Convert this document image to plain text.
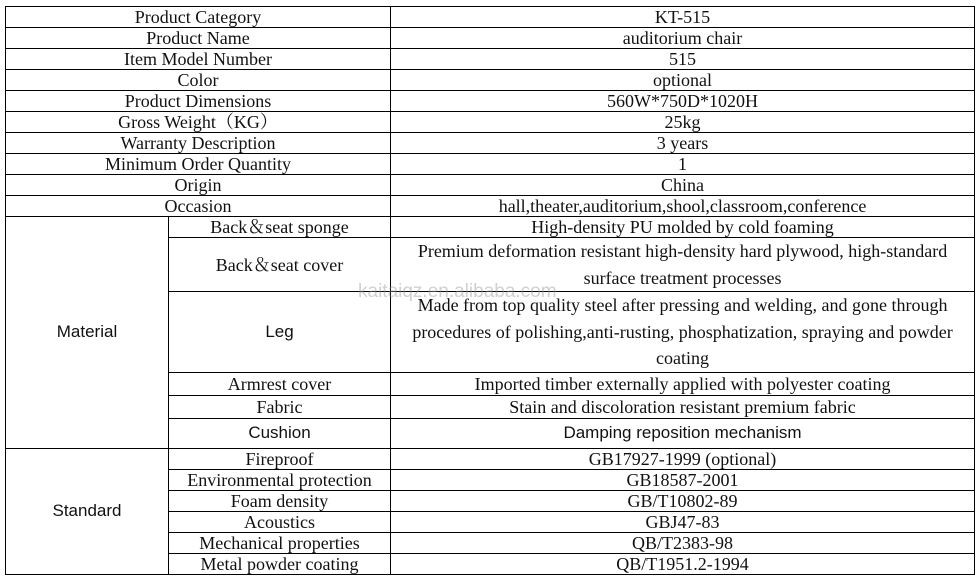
Product Category		KT-515
Product Name		auditorium chair
Item Model Number		515
Color		optional
Product Dimensions		560W*750D*1020H
Gross Weight（KG）		25kg
Warranty Description		3 years
Minimum Order Quantity		1
Origin		China
Occasion		hall,theater,auditorium,shool,classroom,conference
Material	Back＆seat sponge	High-density PU molded by cold foaming
	Back＆seat cover	Premium deformation resistant high-density hard plywood, high-standard surface treatment processes
	Leg	Made from top quality steel after pressing and welding, and gone through procedures of polishing,anti-rusting, phosphatization, spraying and powder coating
	Armrest cover	Imported timber externally applied with polyester coating
	Fabric	Stain and discoloration resistant premium fabric
	Cushion	Damping reposition mechanism
Standard	Fireproof	GB17927-1999 (optional)
	Environmental protection	GB18587-2001
	Foam density	GB/T10802-89
	Acoustics	GBJ47-83
	Mechanical properties	QB/T2383-98
	Metal powder coating	QB/T1951.2-1994
kaitaiqz.en.alibaba.com
